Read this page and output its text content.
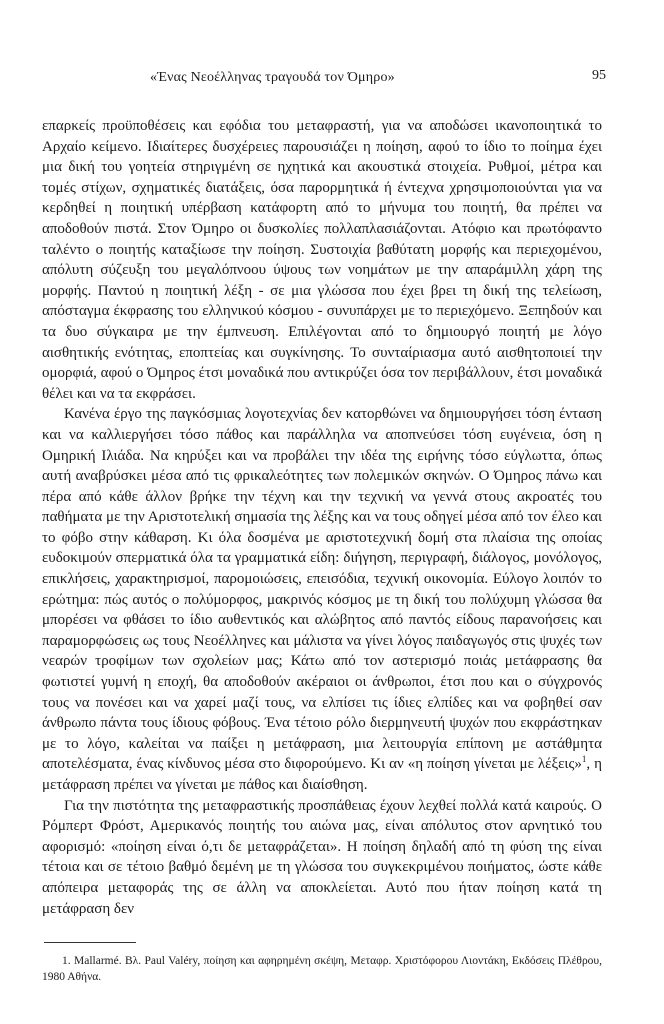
«Ένας Νεοέλληνας τραγουδά τον Όμηρο»	95

επαρκείς προϋποθέσεις και εφόδια του μεταφραστή, για να αποδώσει ικανοποιητικά το Αρχαίο κείμενο. Ιδιαίτερες δυσχέρειες παρουσιάζει η ποίηση, αφού το ίδιο το ποίημα έχει μια δική του γοητεία στηριγμένη σε ηχητικά και ακουστικά στοιχεία. Ρυθμοί, μέτρα και τομές στίχων, σχηματικές διατάξεις, όσα παρορμητικά ή έντεχνα χρησιμοποιούνται για να κερδηθεί η ποιητική υπέρβαση κατάφορτη από το μήνυμα του ποιητή, θα πρέπει να αποδοθούν πιστά. Στον Όμηρο οι δυσκολίες πολλαπλασιάζονται. Ατόφιο και πρωτόφαντο ταλέντο ο ποιητής καταξίωσε την ποίηση. Συστοιχία βαθύτατη μορφής και περιεχομένου, απόλυτη σύζευξη του μεγαλόπνοου ύψους των νοημάτων με την απαράμιλλη χάρη της μορφής. Παντού η ποιητική λέξη - σε μια γλώσσα που έχει βρει τη δική της τελείωση, απόσταγμα έκφρασης του ελληνικού κόσμου - συνυπάρχει με το περιεχόμενο. Ξεπηδούν και τα δυο σύγκαιρα με την έμπνευση. Επιλέγονται από το δημιουργό ποιητή με λόγο αισθητικής ενότητας, εποπτείας και συγκίνησης. Το συνταίριασμα αυτό αισθητοποιεί την ομορφιά, αφού ο Όμηρος έτσι μοναδικά που αντικρύζει όσα τον περιβάλλουν, έτσι μοναδικά θέλει και να τα εκφράσει.

Κανένα έργο της παγκόσμιας λογοτεχνίας δεν κατορθώνει να δημιουργήσει τόση ένταση και να καλλιεργήσει τόσο πάθος και παράλληλα να αποπνεύσει τόση ευγένεια, όση η Ομηρική Ιλιάδα. Να κηρύξει και να προβάλει την ιδέα της ειρήνης τόσο εύγλωττα, όπως αυτή αναβρύσκει μέσα από τις φρικαλεότητες των πολεμικών σκηνών. Ο Όμηρος πάνω και πέρα από κάθε άλλον βρήκε την τέχνη και την τεχνική να γεννά στους ακροατές του παθήματα με την Αριστοτελική σημασία της λέξης και να τους οδηγεί μέσα από τον έλεο και το φόβο στην κάθαρση. Κι όλα δοσμένα με αριστοτεχνική δομή στα πλαίσια της οποίας ευδοκιμούν σπερματικά όλα τα γραμματικά είδη: διήγηση, περιγραφή, διάλογος, μονόλογος, επικλήσεις, χαρακτηρισμοί, παρομοιώσεις, επεισόδια, τεχνική οικονομία. Εύλογο λοιπόν το ερώτημα: πώς αυτός ο πολύμορφος, μακρινός κόσμος με τη δική του πολύχυμη γλώσσα θα μπορέσει να φθάσει το ίδιο αυθεντικός και αλώβητος από παντός είδους παρανοήσεις και παραμορφώσεις ως τους Νεοέλληνες και μάλιστα να γίνει λόγος παιδαγωγός στις ψυχές των νεαρών τροφίμων των σχολείων μας; Κάτω από τον αστερισμό ποιάς μετάφρασης θα φωτιστεί γυμνή η εποχή, θα αποδοθούν ακέραιοι οι άνθρωποι, έτσι που και ο σύγχρονός τους να πονέσει και να χαρεί μαζί τους, να ελπίσει τις ίδιες ελπίδες και να φοβηθεί σαν άνθρωπο πάντα τους ίδιους φόβους. Ένα τέτοιο ρόλο διερμηνευτή ψυχών που εκφράστηκαν με το λόγο, καλείται να παίξει η μετάφραση, μια λειτουργία επίπονη με αστάθμητα αποτελέσματα, ένας κίνδυνος μέσα στο διφορούμενο. Κι αν «η ποίηση γίνεται με λέξεις»$^1$, η μετάφραση πρέπει να γίνεται με πάθος και διαίσθηση.

Για την πιστότητα της μεταφραστικής προσπάθειας έχουν λεχθεί πολλά κατά καιρούς. Ο Ρόμπερτ Φρόστ, Αμερικανός ποιητής του αιώνα μας, είναι απόλυτος στον αρνητικό του αφορισμό: «ποίηση είναι ό,τι δε μεταφράζεται». Η ποίηση δηλαδή από τη φύση της είναι τέτοια και σε τέτοιο βαθμό δεμένη με τη γλώσσα του συγκεκριμένου ποιήματος, ώστε κάθε απόπειρα μεταφοράς της σε άλλη να αποκλείεται. Αυτό που ήταν ποίηση κατά τη μετάφραση δεν

1. Mallarmé. Βλ. Paul Valéry, ποίηση και αφηρημένη σκέψη, Μεταφρ. Χριστόφορου Λιοντάκη, Εκδόσεις Πλέθρου, 1980 Αθήνα.
